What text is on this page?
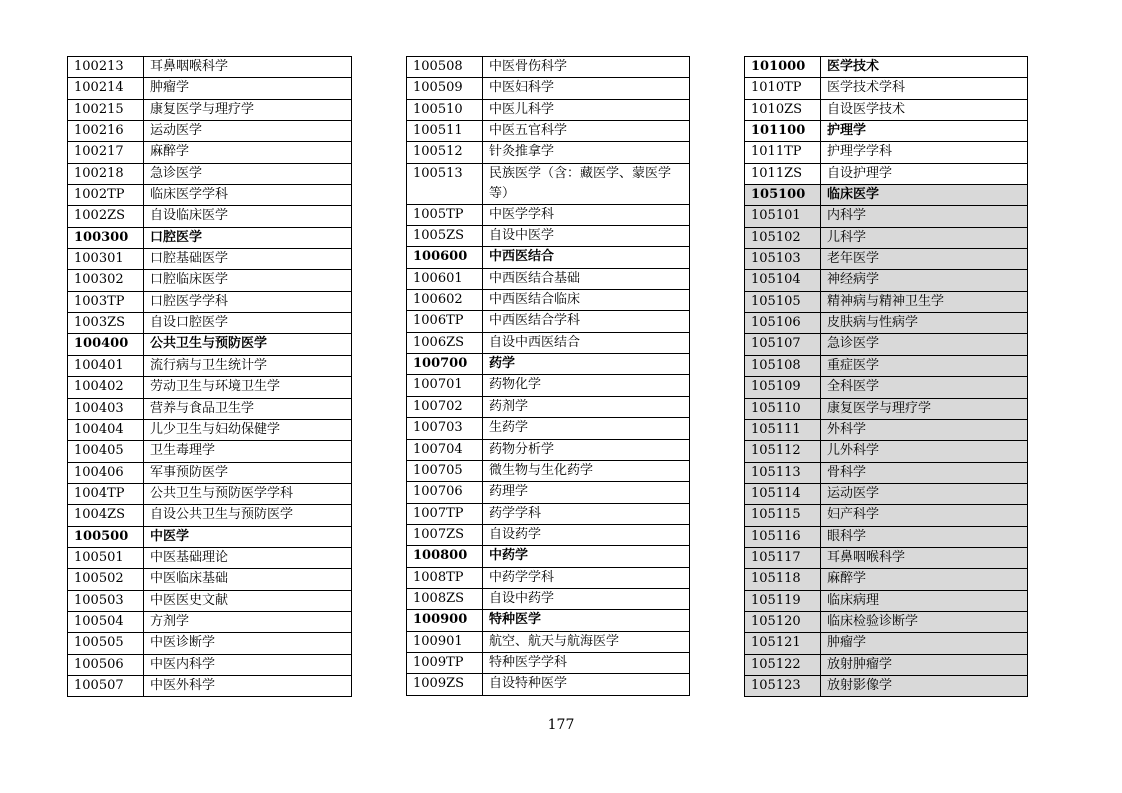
100213	耳鼻咽喉科学
100214	肿瘤学
100215	康复医学与理疗学
100216	运动医学
100217	麻醉学
100218	急诊医学
1002TP	临床医学学科
1002ZS	自设临床医学
100300	口腔医学
100301	口腔基础医学
100302	口腔临床医学
1003TP	口腔医学学科
1003ZS	自设口腔医学
100400	公共卫生与预防医学
100401	流行病与卫生统计学
100402	劳动卫生与环境卫生学
100403	营养与食品卫生学
100404	儿少卫生与妇幼保健学
100405	卫生毒理学
100406	军事预防医学
1004TP	公共卫生与预防医学学科
1004ZS	自设公共卫生与预防医学
100500	中医学
100501	中医基础理论
100502	中医临床基础
100503	中医医史文献
100504	方剂学
100505	中医诊断学
100506	中医内科学
100507	中医外科学
100508	中医骨伤科学
100509	中医妇科学
100510	中医儿科学
100511	中医五官科学
100512	针灸推拿学
100513	民族医学（含：藏医学、蒙医学等）
1005TP	中医学学科
1005ZS	自设中医学
100600	中西医结合
100601	中西医结合基础
100602	中西医结合临床
1006TP	中西医结合学科
1006ZS	自设中西医结合
100700	药学
100701	药物化学
100702	药剂学
100703	生药学
100704	药物分析学
100705	微生物与生化药学
100706	药理学
1007TP	药学学科
1007ZS	自设药学
100800	中药学
1008TP	中药学学科
1008ZS	自设中药学
100900	特种医学
100901	航空、航天与航海医学
1009TP	特种医学学科
1009ZS	自设特种医学
101000	医学技术
1010TP	医学技术学科
1010ZS	自设医学技术
101100	护理学
1011TP	护理学学科
1011ZS	自设护理学
105100	临床医学
105101	内科学
105102	儿科学
105103	老年医学
105104	神经病学
105105	精神病与精神卫生学
105106	皮肤病与性病学
105107	急诊医学
105108	重症医学
105109	全科医学
105110	康复医学与理疗学
105111	外科学
105112	儿外科学
105113	骨科学
105114	运动医学
105115	妇产科学
105116	眼科学
105117	耳鼻咽喉科学
105118	麻醉学
105119	临床病理
105120	临床检验诊断学
105121	肿瘤学
105122	放射肿瘤学
105123	放射影像学
177
